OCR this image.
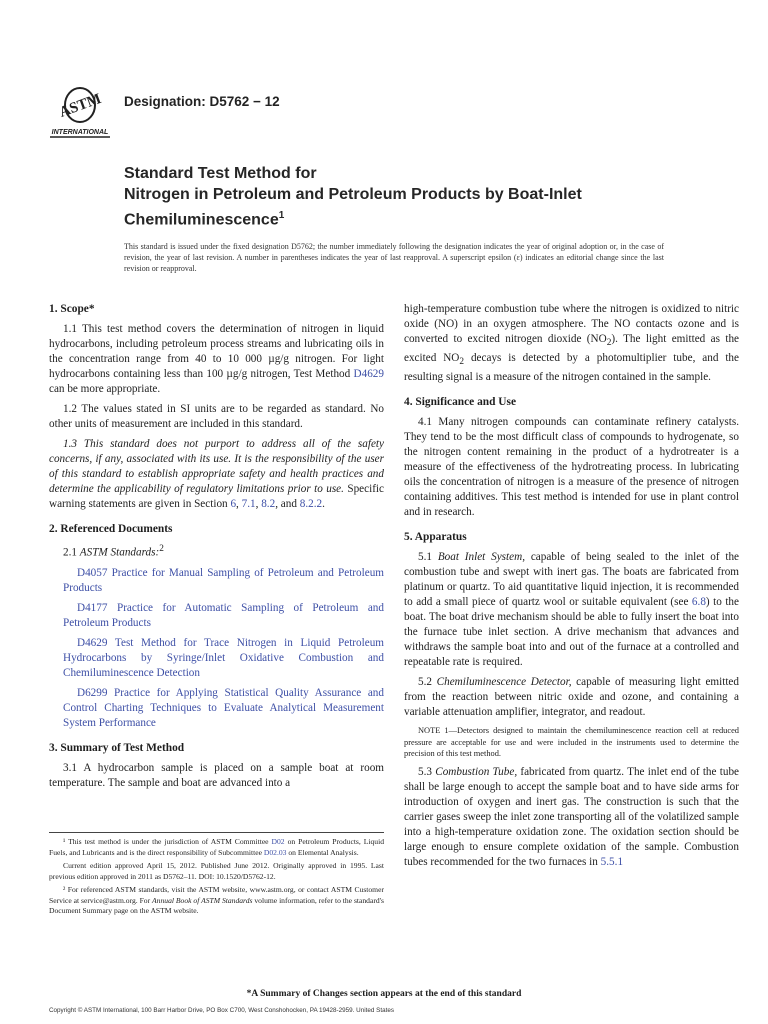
ASTM
INTERNATIONAL

Designation: D5762 − 12

Standard Test Method for
Nitrogen in Petroleum and Petroleum Products by Boat-Inlet
Chemiluminescence$^1$

This standard is issued under the fixed designation D5762; the number immediately following the designation indicates the year of original adoption or, in the case of revision, the year of last revision. A number in parentheses indicates the year of last reapproval. A superscript epsilon (ε) indicates an editorial change since the last revision or reapproval.

1. Scope*

1.1 This test method covers the determination of nitrogen in liquid hydrocarbons, including petroleum process streams and lubricating oils in the concentration range from 40 to 10 000 µg/g nitrogen. For light hydrocarbons containing less than 100 µg/g nitrogen, Test Method D4629 can be more appropriate.

1.2 The values stated in SI units are to be regarded as standard. No other units of measurement are included in this standard.

1.3 This standard does not purport to address all of the safety concerns, if any, associated with its use. It is the responsibility of the user of this standard to establish appropriate safety and health practices and determine the applicability of regulatory limitations prior to use. Specific warning statements are given in Section 6, 7.1, 8.2, and 8.2.2.

2. Referenced Documents

2.1 ASTM Standards:$^2$

D4057 Practice for Manual Sampling of Petroleum and Petroleum Products

D4177 Practice for Automatic Sampling of Petroleum and Petroleum Products

D4629 Test Method for Trace Nitrogen in Liquid Petroleum Hydrocarbons by Syringe/Inlet Oxidative Combustion and Chemiluminescence Detection

D6299 Practice for Applying Statistical Quality Assurance and Control Charting Techniques to Evaluate Analytical Measurement System Performance

3. Summary of Test Method

3.1 A hydrocarbon sample is placed on a sample boat at room temperature. The sample and boat are advanced into a

¹ This test method is under the jurisdiction of ASTM Committee D02 on Petroleum Products, Liquid Fuels, and Lubricants and is the direct responsibility of Subcommittee D02.03 on Elemental Analysis.

Current edition approved April 15, 2012. Published June 2012. Originally approved in 1995. Last previous edition approved in 2011 as D5762–11. DOI: 10.1520/D5762-12.

² For referenced ASTM standards, visit the ASTM website, www.astm.org, or contact ASTM Customer Service at service@astm.org. For Annual Book of ASTM Standards volume information, refer to the standard's Document Summary page on the ASTM website.

high-temperature combustion tube where the nitrogen is oxidized to nitric oxide (NO) in an oxygen atmosphere. The NO contacts ozone and is converted to excited nitrogen dioxide $(NO_2)$. The light emitted as the excited $NO_2$ decays is detected by a photomultiplier tube, and the resulting signal is a measure of the nitrogen contained in the sample.

4. Significance and Use

4.1 Many nitrogen compounds can contaminate refinery catalysts. They tend to be the most difficult class of compounds to hydrogenate, so the nitrogen content remaining in the product of a hydrotreater is a measure of the effectiveness of the hydrotreating process. In lubricating oils the concentration of nitrogen is a measure of the presence of nitrogen containing additives. This test method is intended for use in plant control and in research.

5. Apparatus

5.1 Boat Inlet System, capable of being sealed to the inlet of the combustion tube and swept with inert gas. The boats are fabricated from platinum or quartz. To aid quantitative liquid injection, it is recommended to add a small piece of quartz wool or suitable equivalent (see 6.8) to the boat. The boat drive mechanism should be able to fully insert the boat into the furnace tube inlet section. A drive mechanism that advances and withdraws the sample boat into and out of the furnace at a controlled and repeatable rate is required.

5.2 Chemiluminescence Detector, capable of measuring light emitted from the reaction between nitric oxide and ozone, and containing a variable attenuation amplifier, integrator, and readout.

NOTE 1—Detectors designed to maintain the chemiluminescence reaction cell at reduced pressure are acceptable for use and were included in the instruments used to determine the precision of this test method.

5.3 Combustion Tube, fabricated from quartz. The inlet end of the tube shall be large enough to accept the sample boat and to have side arms for introduction of oxygen and inert gas. The construction is such that the carrier gases sweep the inlet zone transporting all of the volatilized sample into a high-temperature oxidation zone. The oxidation section should be large enough to ensure complete oxidation of the sample. Combustion tubes recommended for the two furnaces in 5.5.1

*A Summary of Changes section appears at the end of this standard

Copyright © ASTM International, 100 Barr Harbor Drive, PO Box C700, West Conshohocken, PA 19428-2959. United States
